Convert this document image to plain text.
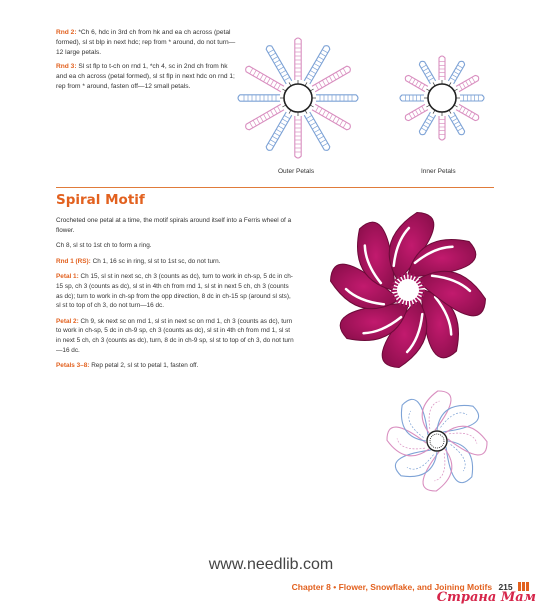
Rnd 2: *Ch 6, hdc in 3rd ch from hk and ea ch across (petal formed), sl st blp in next hdc; rep from * around, do not turn—12 large petals.

Rnd 3: Sl st flp to t-ch on rnd 1, *ch 4, sc in 2nd ch from hk and ea ch across (petal formed), sl st flp in next hdc on rnd 1; rep from * around, fasten off—12 small petals.

Outer Petals	Inner Petals
Spiral Motif

Crocheted one petal at a time, the motif spirals around itself into a Ferris wheel of a flower.

Ch 8, sl st to 1st ch to form a ring.

Rnd 1 (RS): Ch 1, 16 sc in ring, sl st to 1st sc, do not turn.

Petal 1: Ch 15, sl st in next sc, ch 3 (counts as dc), turn to work in ch-sp, 5 dc in ch-15 sp, ch 3 (counts as dc), sl st in 4th ch from rnd 1, sl st in next 5 ch, ch 3 (counts as dc); turn to work in ch-sp from the opp direction, 8 dc in ch-15 sp (around sl sts), sl st to top of ch 3, do not turn—16 dc.

Petal 2: Ch 9, sk next sc on rnd 1, sl st in next sc on rnd 1, ch 3 (counts as dc), turn to work in ch-sp, 5 dc in ch-9 sp, ch 3 (counts as dc), sl st in 4th ch from rnd 1, sl st in next 5 ch, ch 3 (counts as dc), turn, 8 dc in ch-9 sp, sl st to top of ch 3, do not turn—16 dc.

Petals 3–8: Rep petal 2, sl st to petal 1, fasten off.

www.needlib.com
Chapter 8 • Flower, Snowflake, and Joining Motifs 215
Страна Мам
